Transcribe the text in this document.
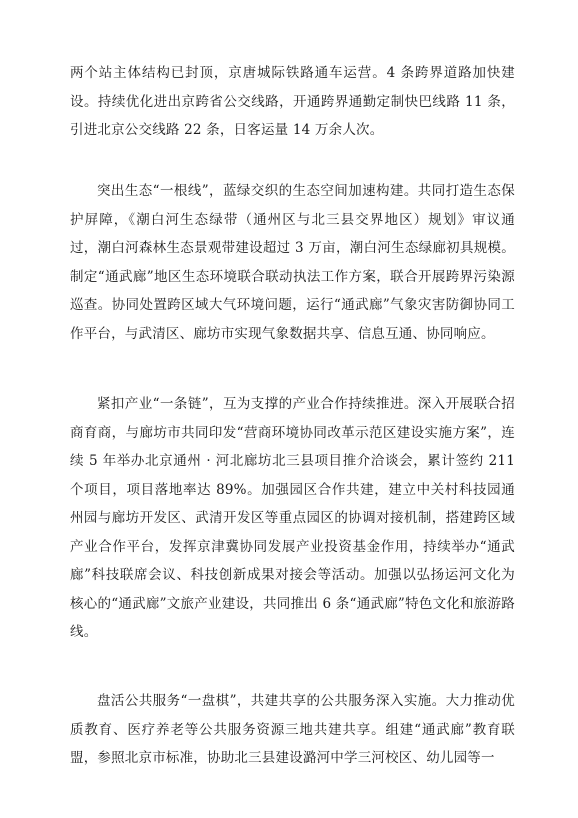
两个站主体结构已封顶，京唐城际铁路通车运营。4 条跨界道路加快建设。持续优化进出京跨省公交线路，开通跨界通勤定制快巴线路 11 条，引进北京公交线路 22 条，日客运量 14 万余人次。

突出生态“一根线”，蓝绿交织的生态空间加速构建。共同打造生态保护屏障，《潮白河生态绿带（通州区与北三县交界地区）规划》审议通过，潮白河森林生态景观带建设超过 3 万亩，潮白河生态绿廊初具规模。制定“通武廊”地区生态环境联合联动执法工作方案，联合开展跨界污染源巡查。协同处置跨区域大气环境问题，运行“通武廊”气象灾害防御协同工作平台，与武清区、廊坊市实现气象数据共享、信息互通、协同响应。

紧扣产业“一条链”，互为支撑的产业合作持续推进。深入开展联合招商育商，与廊坊市共同印发“营商环境协同改革示范区建设实施方案”，连续 5 年举办北京通州 · 河北廊坊北三县项目推介洽谈会，累计签约 211 个项目，项目落地率达 89%。加强园区合作共建，建立中关村科技园通州园与廊坊开发区、武清开发区等重点园区的协调对接机制，搭建跨区域产业合作平台，发挥京津冀协同发展产业投资基金作用，持续举办“通武廊”科技联席会议、科技创新成果对接会等活动。加强以弘扬运河文化为核心的“通武廊”文旅产业建设，共同推出 6 条“通武廊”特色文化和旅游路线。

盘活公共服务“一盘棋”，共建共享的公共服务深入实施。大力推动优质教育、医疗养老等公共服务资源三地共建共享。组建“通武廊”教育联盟，参照北京市标准，协助北三县建设潞河中学三河校区、幼儿园等一
